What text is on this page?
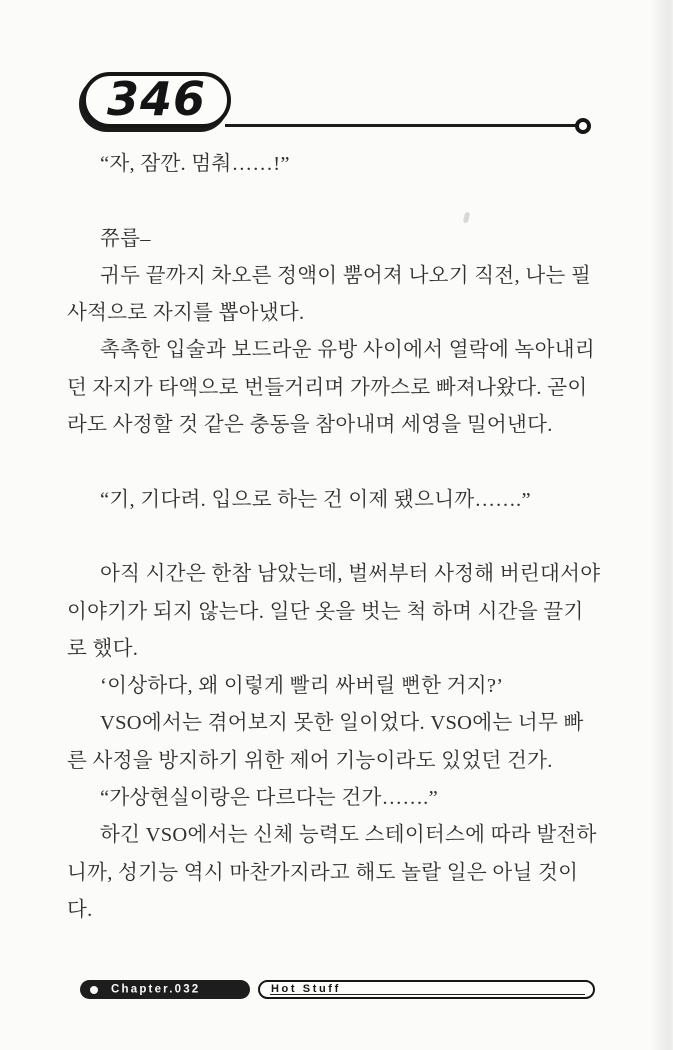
346
“자, 잠깐. 멈춰……!”
쮸릅–
귀두 끝까지 차오른 정액이 뿜어져 나오기 직전, 나는 필
사적으로 자지를 뽑아냈다.
촉촉한 입술과 보드라운 유방 사이에서 열락에 녹아내리
던 자지가 타액으로 번들거리며 가까스로 빠져나왔다. 곧이
라도 사정할 것 같은 충동을 참아내며 세영을 밀어낸다.
“기, 기다려. 입으로 하는 건 이제 됐으니까…….”
아직 시간은 한참 남았는데, 벌써부터 사정해 버린대서야
이야기가 되지 않는다. 일단 옷을 벗는 척 하며 시간을 끌기
로 했다.
‘이상하다, 왜 이렇게 빨리 싸버릴 뻔한 거지?’
VSO에서는 겪어보지 못한 일이었다. VSO에는 너무 빠
른 사정을 방지하기 위한 제어 기능이라도 있었던 건가.
“가상현실이랑은 다르다는 건가…….”
하긴 VSO에서는 신체 능력도 스테이터스에 따라 발전하
니까, 성기능 역시 마찬가지라고 해도 놀랄 일은 아닐 것이
다.
Chapter.032	Hot Stuff
